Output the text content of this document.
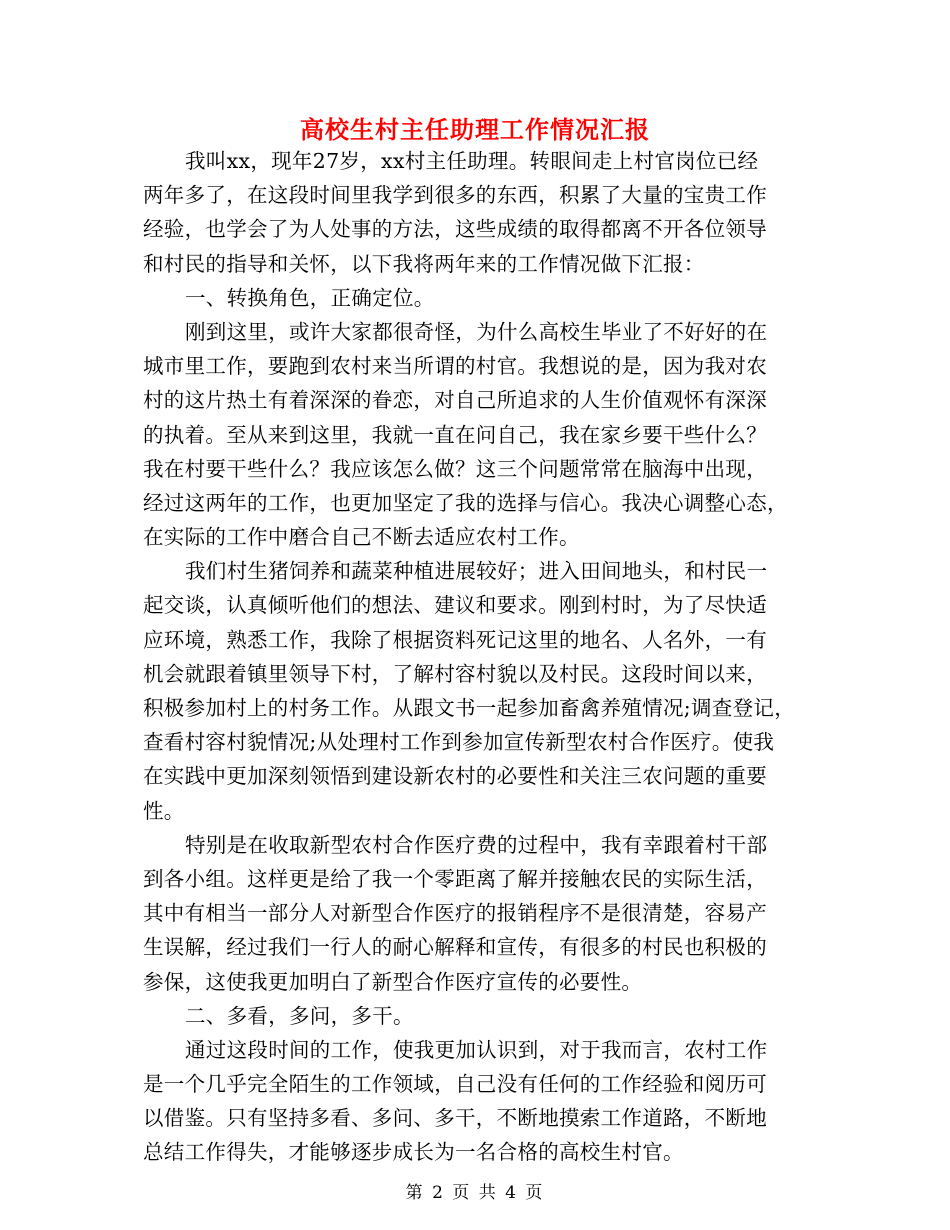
高校生村主任助理工作情况汇报
我叫xx，现年27岁，xx村主任助理。转眼间走上村官岗位已经
两年多了，在这段时间里我学到很多的东西，积累了大量的宝贵工作
经验，也学会了为人处事的方法，这些成绩的取得都离不开各位领导
和村民的指导和关怀，以下我将两年来的工作情况做下汇报：
一、转换角色，正确定位。
刚到这里，或许大家都很奇怪，为什么高校生毕业了不好好的在
城市里工作，要跑到农村来当所谓的村官。我想说的是，因为我对农
村的这片热土有着深深的眷恋，对自己所追求的人生价值观怀有深深
的执着。至从来到这里，我就一直在问自己，我在家乡要干些什么？
我在村要干些什么？我应该怎么做？这三个问题常常在脑海中出现，
经过这两年的工作，也更加坚定了我的选择与信心。我决心调整心态，
在实际的工作中磨合自己不断去适应农村工作。
我们村生猪饲养和蔬菜种植进展较好；进入田间地头，和村民一
起交谈，认真倾听他们的想法、建议和要求。刚到村时，为了尽快适
应环境，熟悉工作，我除了根据资料死记这里的地名、人名外，一有
机会就跟着镇里领导下村，了解村容村貌以及村民。这段时间以来，
积极参加村上的村务工作。从跟文书一起参加畜禽养殖情况;调查登记，
查看村容村貌情况;从处理村工作到参加宣传新型农村合作医疗。使我
在实践中更加深刻领悟到建设新农村的必要性和关注三农问题的重要
性。
特别是在收取新型农村合作医疗费的过程中，我有幸跟着村干部
到各小组。这样更是给了我一个零距离了解并接触农民的实际生活，
其中有相当一部分人对新型合作医疗的报销程序不是很清楚，容易产
生误解，经过我们一行人的耐心解释和宣传，有很多的村民也积极的
参保，这使我更加明白了新型合作医疗宣传的必要性。
二、多看，多问，多干。
通过这段时间的工作，使我更加认识到，对于我而言，农村工作
是一个几乎完全陌生的工作领域，自己没有任何的工作经验和阅历可
以借鉴。只有坚持多看、多问、多干，不断地摸索工作道路，不断地
总结工作得失，才能够逐步成长为一名合格的高校生村官。
第 2 页 共 4 页
